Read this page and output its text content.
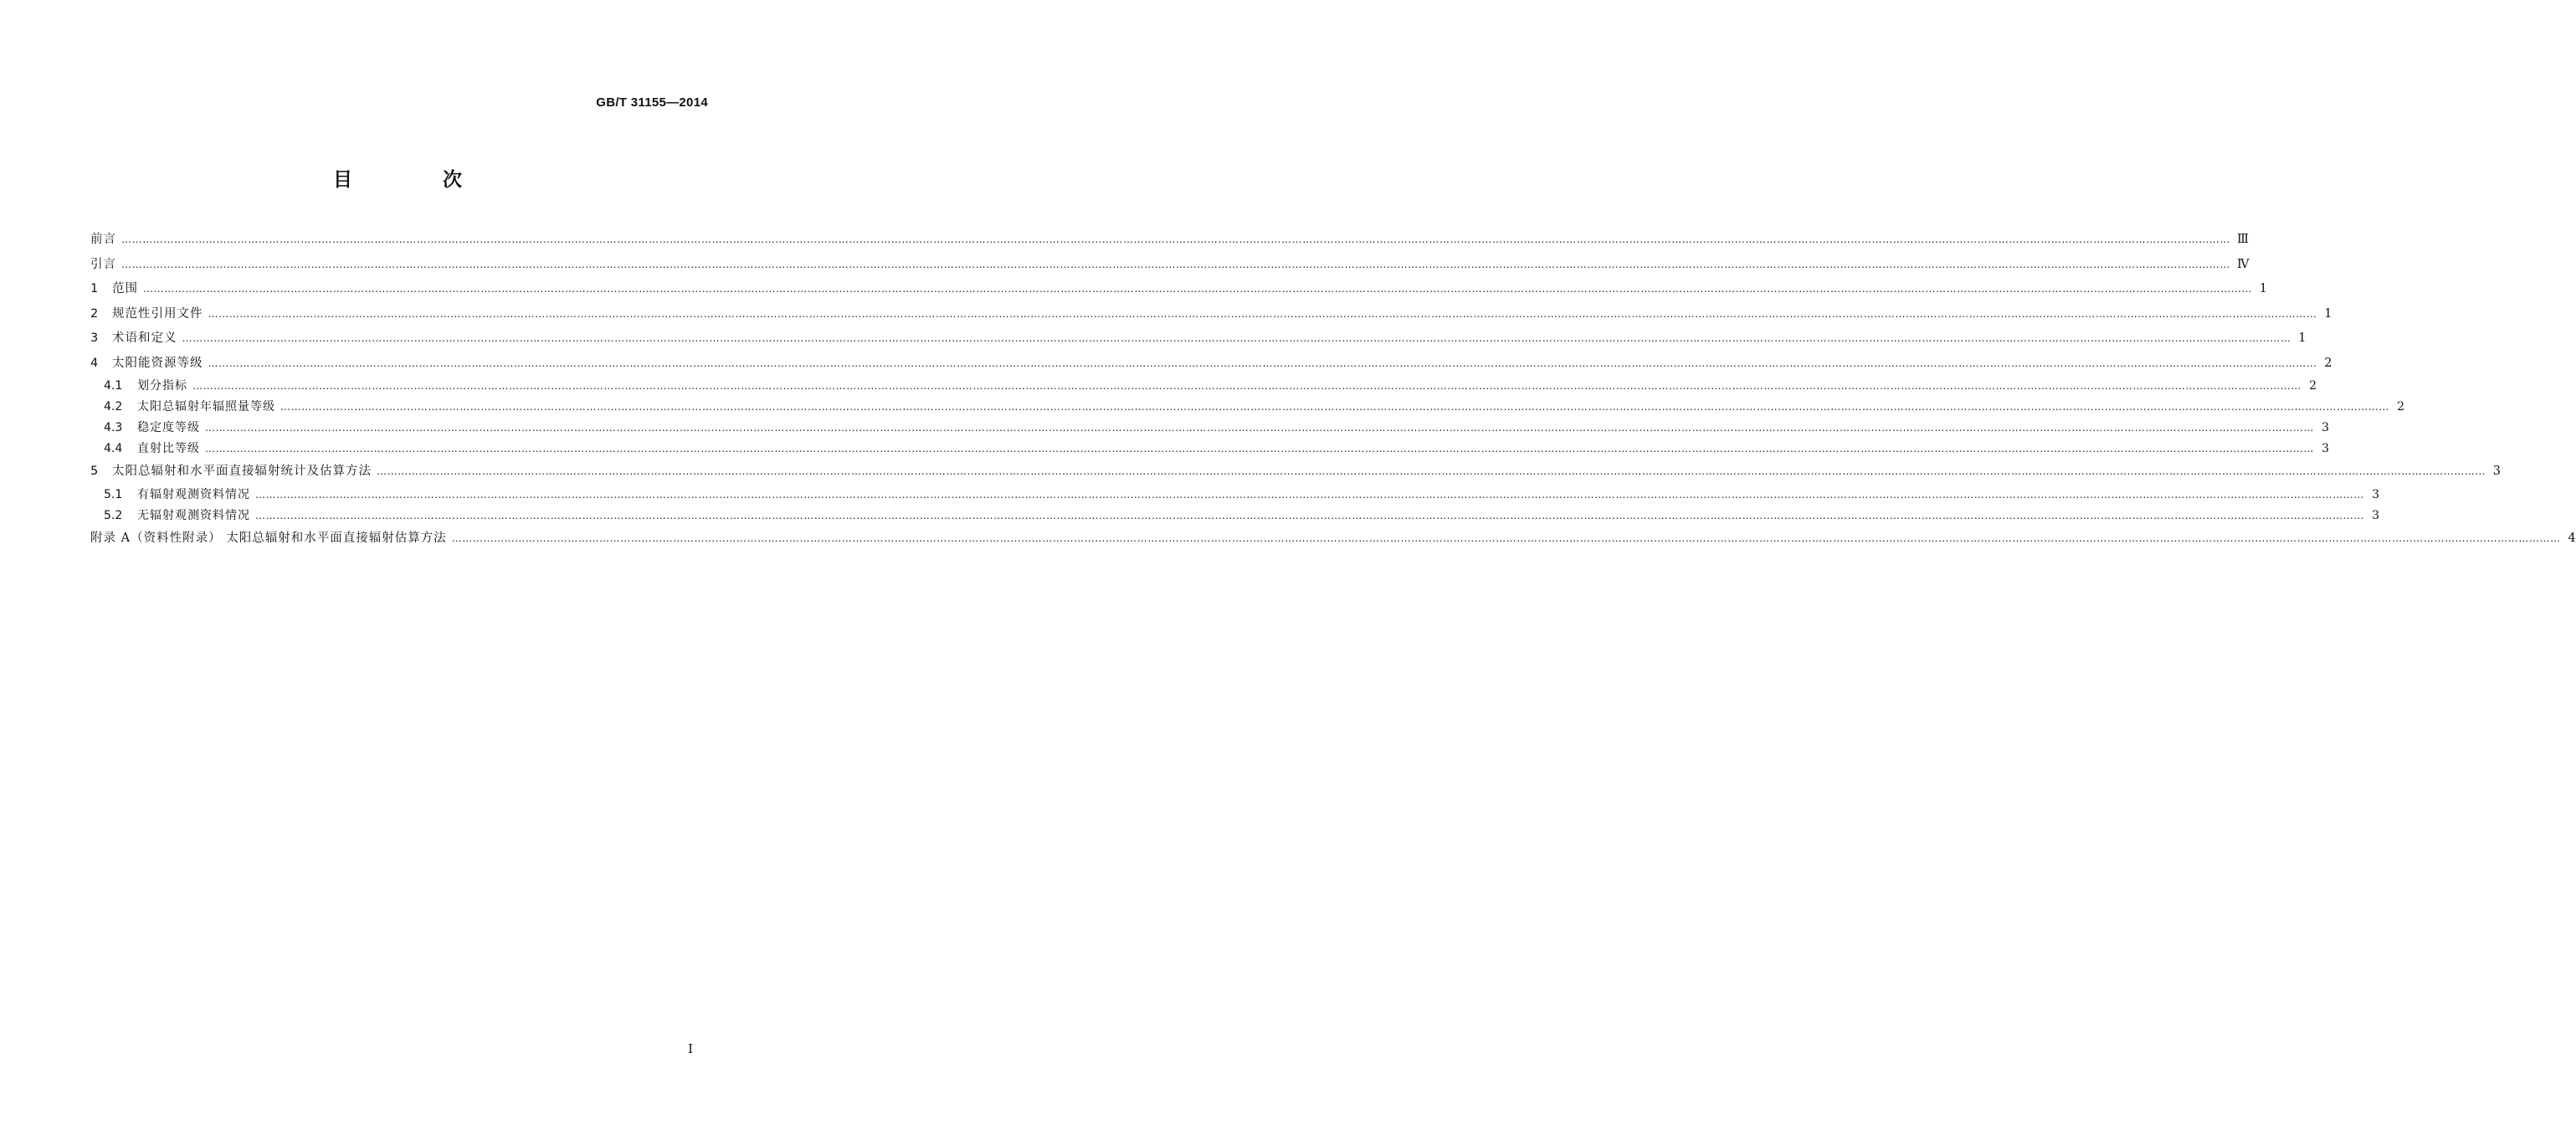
GB/T 31155—2014
目 次
前言 …………………………………………………………………………………………………………………………………………………………………………………………………………………………………………………………………………………………………………………………………………………………………………………………………………………………………………………………………………………………………………………………………………………… Ⅲ
引言 …………………………………………………………………………………………………………………………………………………………………………………………………………………………………………………………………………………………………………………………………………………………………………………………………………………………………………………………………………………………………………………………………………………… Ⅳ
1	范围 …………………………………………………………………………………………………………………………………………………………………………………………………………………………………………………………………………………………………………………………………………………………………………………………………………………………………………………………………………………………………………………………………………………… 1
2	规范性引用文件 …………………………………………………………………………………………………………………………………………………………………………………………………………………………………………………………………………………………………………………………………………………………………………………………………………………………………………………………………………………………………………………………………………………… 1
3	术语和定义 …………………………………………………………………………………………………………………………………………………………………………………………………………………………………………………………………………………………………………………………………………………………………………………………………………………………………………………………………………………………………………………………………………………… 1
4	太阳能资源等级 …………………………………………………………………………………………………………………………………………………………………………………………………………………………………………………………………………………………………………………………………………………………………………………………………………………………………………………………………………………………………………………………………………………… 2
4.1	划分指标 …………………………………………………………………………………………………………………………………………………………………………………………………………………………………………………………………………………………………………………………………………………………………………………………………………………………………………………………………………………………………………………………………………………… 2
4.2	太阳总辐射年辐照量等级 …………………………………………………………………………………………………………………………………………………………………………………………………………………………………………………………………………………………………………………………………………………………………………………………………………………………………………………………………………………………………………………………………………………… 2
4.3	稳定度等级 …………………………………………………………………………………………………………………………………………………………………………………………………………………………………………………………………………………………………………………………………………………………………………………………………………………………………………………………………………………………………………………………………………………… 3
4.4	直射比等级 …………………………………………………………………………………………………………………………………………………………………………………………………………………………………………………………………………………………………………………………………………………………………………………………………………………………………………………………………………………………………………………………………………………… 3
5	太阳总辐射和水平面直接辐射统计及估算方法 …………………………………………………………………………………………………………………………………………………………………………………………………………………………………………………………………………………………………………………………………………………………………………………………………………………………………………………………………………………………………………………………………………………… 3
5.1	有辐射观测资料情况 …………………………………………………………………………………………………………………………………………………………………………………………………………………………………………………………………………………………………………………………………………………………………………………………………………………………………………………………………………………………………………………………………………………… 3
5.2	无辐射观测资料情况 …………………………………………………………………………………………………………………………………………………………………………………………………………………………………………………………………………………………………………………………………………………………………………………………………………………………………………………………………………………………………………………………………………………… 3
附录 A（资料性附录） 太阳总辐射和水平面直接辐射估算方法 …………………………………………………………………………………………………………………………………………………………………………………………………………………………………………………………………………………………………………………………………………………………………………………………………………………………………………………………………………………………………………………………………………………… 4
I
